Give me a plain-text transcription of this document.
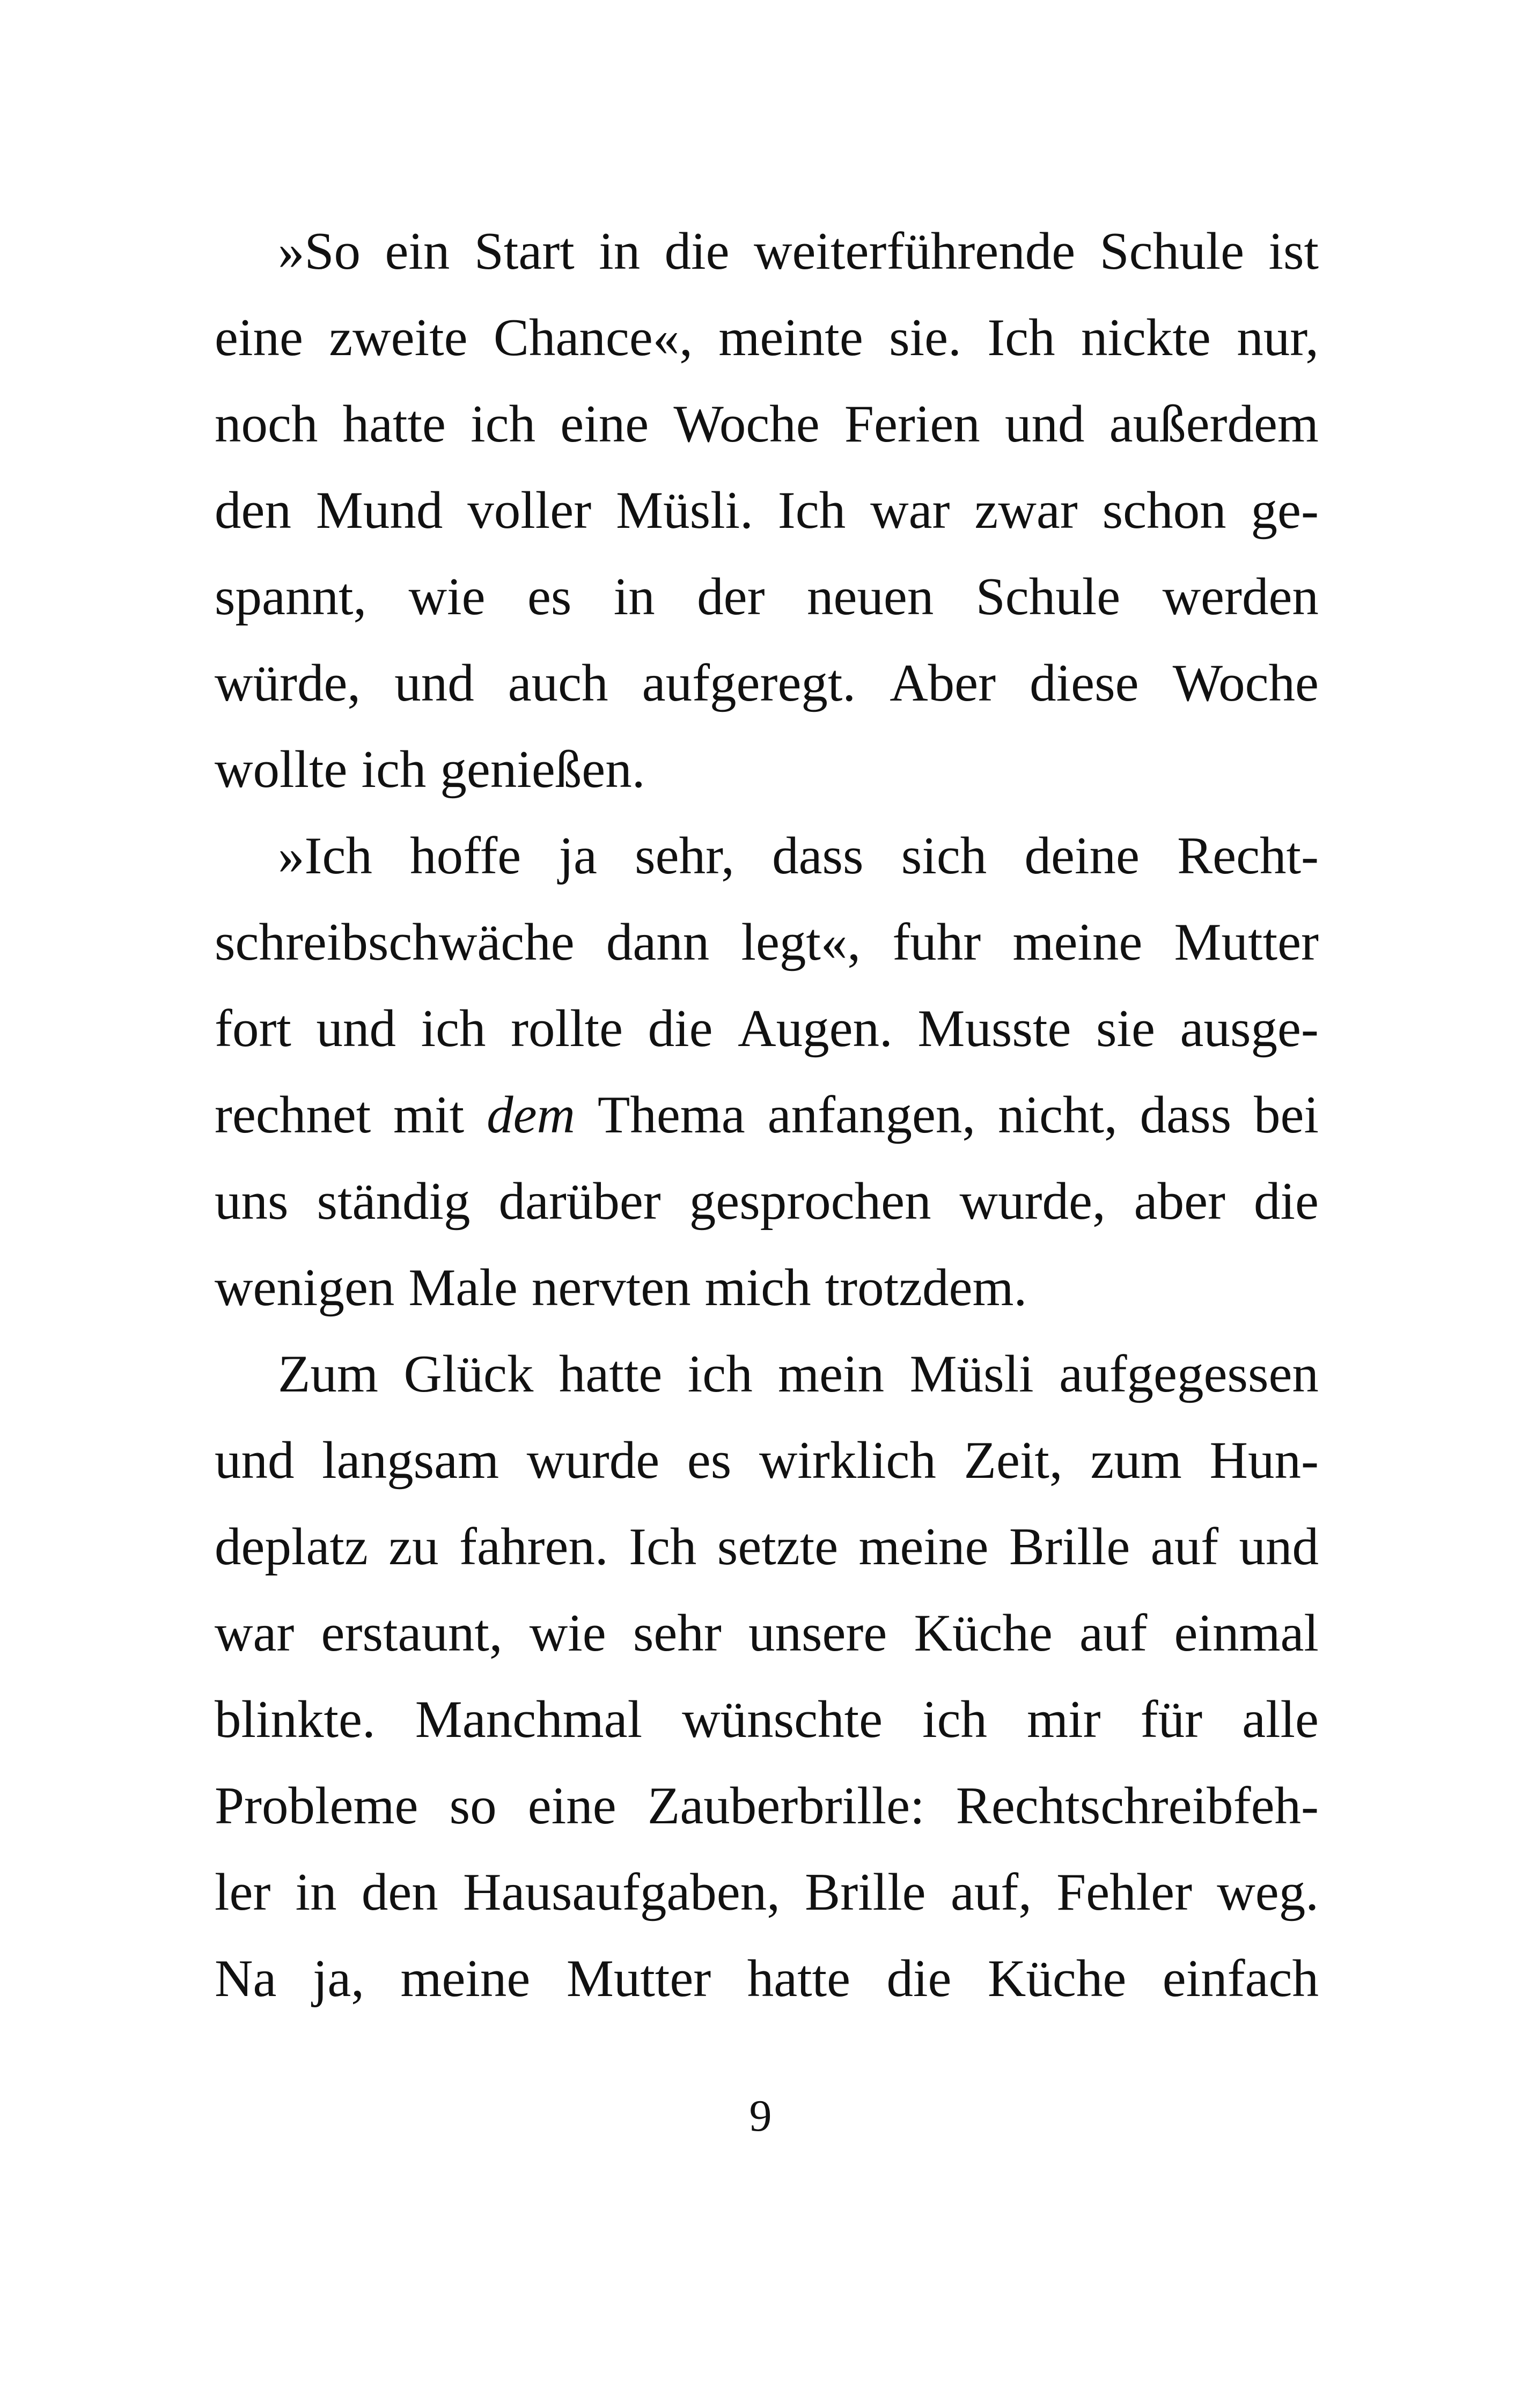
»So ein Start in die weiterführende Schule ist
eine zweite Chance«, meinte sie. Ich nickte nur,
noch hatte ich eine Woche Ferien und außerdem
den Mund voller Müsli. Ich war zwar schon ge-
spannt, wie es in der neuen Schule werden
würde, und auch aufgeregt. Aber diese Woche
wollte ich genießen.
»Ich hoffe ja sehr, dass sich deine Recht-
schreibschwäche dann legt«, fuhr meine Mutter
fort und ich rollte die Augen. Musste sie ausge-
rechnet mit dem Thema anfangen, nicht, dass bei
uns ständig darüber gesprochen wurde, aber die
wenigen Male nervten mich trotzdem.
Zum Glück hatte ich mein Müsli aufgegessen
und langsam wurde es wirklich Zeit, zum Hun-
deplatz zu fahren. Ich setzte meine Brille auf und
war erstaunt, wie sehr unsere Küche auf einmal
blinkte. Manchmal wünschte ich mir für alle
Probleme so eine Zauberbrille: Rechtschreibfeh-
ler in den Hausaufgaben, Brille auf, Fehler weg.
Na ja, meine Mutter hatte die Küche einfach
9
